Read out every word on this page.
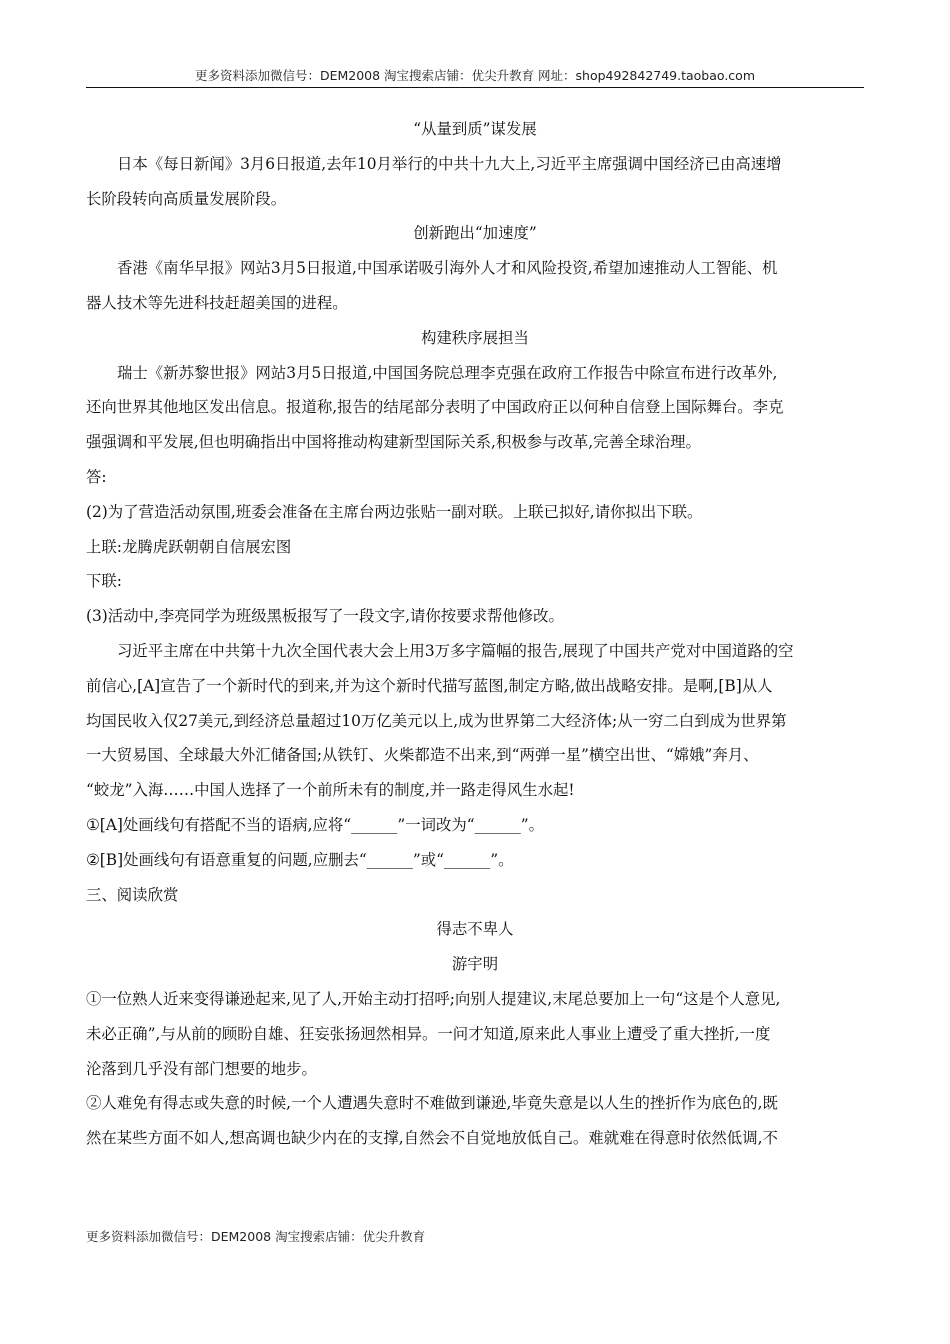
更多资料添加微信号：DEM2008 淘宝搜索店铺：优尖升教育 网址：shop492842749.taobao.com
“从量到质”谋发展
日本《每日新闻》3月6日报道,去年10月举行的中共十九大上,习近平主席强调中国经济已由高速增
长阶段转向高质量发展阶段。
创新跑出“加速度”
香港《南华早报》网站3月5日报道,中国承诺吸引海外人才和风险投资,希望加速推动人工智能、机
器人技术等先进科技赶超美国的进程。
构建秩序展担当
瑞士《新苏黎世报》网站3月5日报道,中国国务院总理李克强在政府工作报告中除宣布进行改革外,
还向世界其他地区发出信息。报道称,报告的结尾部分表明了中国政府正以何种自信登上国际舞台。李克
强强调和平发展,但也明确指出中国将推动构建新型国际关系,积极参与改革,完善全球治理。
答:
(2)为了营造活动氛围,班委会准备在主席台两边张贴一副对联。上联已拟好,请你拟出下联。
上联:龙腾虎跃朝朝自信展宏图
下联:
(3)活动中,李亮同学为班级黑板报写了一段文字,请你按要求帮他修改。
习近平主席在中共第十九次全国代表大会上用3万多字篇幅的报告,展现了中国共产党对中国道路的空
前信心,[A]宣告了一个新时代的到来,并为这个新时代描写蓝图,制定方略,做出战略安排。是啊,[B]从人
均国民收入仅27美元,到经济总量超过10万亿美元以上,成为世界第二大经济体;从一穷二白到成为世界第
一大贸易国、全球最大外汇储备国;从铁钉、火柴都造不出来,到“两弹一星”横空出世、“嫦娥”奔月、
“蛟龙”入海……中国人选择了一个前所未有的制度,并一路走得风生水起!
①[A]处画线句有搭配不当的语病,应将“______”一词改为“______”。
②[B]处画线句有语意重复的问题,应删去“______”或“______”。
三、阅读欣赏
得志不卑人
游宇明
①一位熟人近来变得谦逊起来,见了人,开始主动打招呼;向别人提建议,末尾总要加上一句“这是个人意见,
未必正确”,与从前的顾盼自雄、狂妄张扬迥然相异。一问才知道,原来此人事业上遭受了重大挫折,一度
沦落到几乎没有部门想要的地步。
②人难免有得志或失意的时候,一个人遭遇失意时不难做到谦逊,毕竟失意是以人生的挫折作为底色的,既
然在某些方面不如人,想高调也缺少内在的支撑,自然会不自觉地放低自己。难就难在得意时依然低调,不
更多资料添加微信号：DEM2008 淘宝搜索店铺：优尖升教育
